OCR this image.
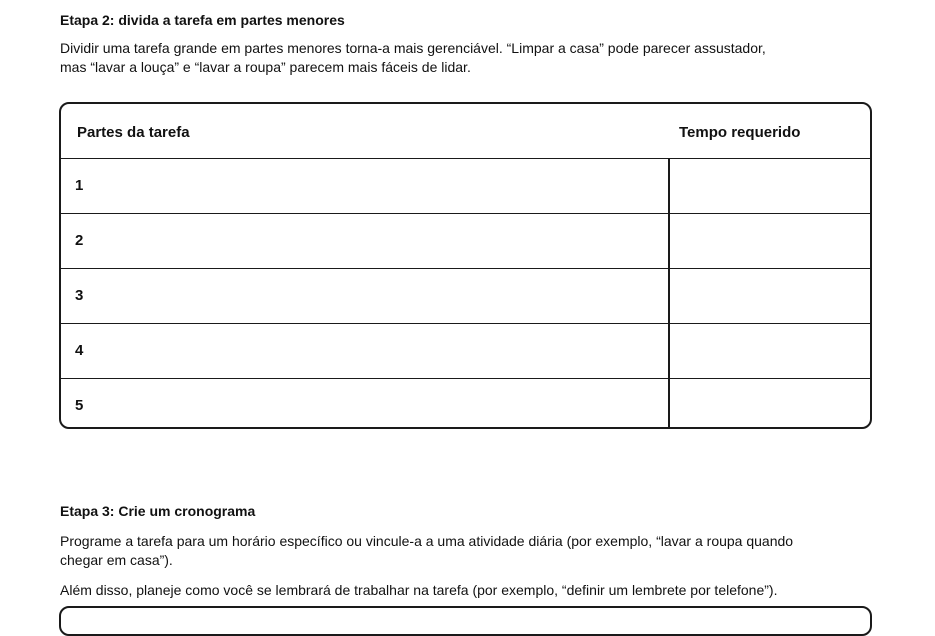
Etapa 2: divida a tarefa em partes menores
Dividir uma tarefa grande em partes menores torna-a mais gerenciável. “Limpar a casa” pode parecer assustador,
mas “lavar a louça” e “lavar a roupa” parecem mais fáceis de lidar.
Partes da tarefa	Tempo requerido
1
2
3
4
5
Etapa 3: Crie um cronograma
Programe a tarefa para um horário específico ou vincule-a a uma atividade diária (por exemplo, “lavar a roupa quando
chegar em casa”).
Além disso, planeje como você se lembrará de trabalhar na tarefa (por exemplo, “definir um lembrete por telefone”).
